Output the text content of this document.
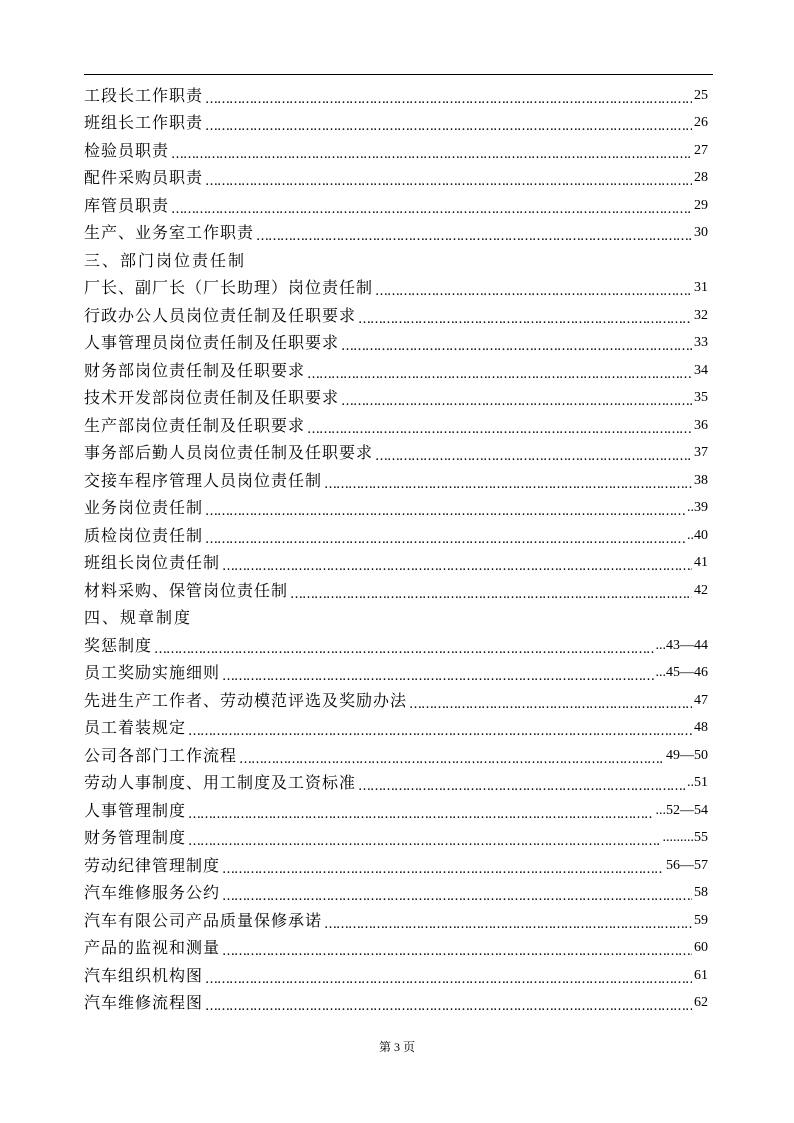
工段长工作职责 …………………………………………………………………………………………………………………………………………………………………………	25
班组长工作职责 …………………………………………………………………………………………………………………………………………………………………………	26
检验员职责 …………………………………………………………………………………………………………………………………………………………………………	27
配件采购员职责 …………………………………………………………………………………………………………………………………………………………………………	28
库管员职责 …………………………………………………………………………………………………………………………………………………………………………	29
生产、业务室工作职责 …………………………………………………………………………………………………………………………………………………………………………	30
三、部门岗位责任制
厂长、副厂长（厂长助理）岗位责任制 …………………………………………………………………………………………………………………………………………………………………………	31
行政办公人员岗位责任制及任职要求 …………………………………………………………………………………………………………………………………………………………………………	32
人事管理员岗位责任制及任职要求 …………………………………………………………………………………………………………………………………………………………………………	33
财务部岗位责任制及任职要求 …………………………………………………………………………………………………………………………………………………………………………	34
技术开发部岗位责任制及任职要求 …………………………………………………………………………………………………………………………………………………………………………	35
生产部岗位责任制及任职要求 …………………………………………………………………………………………………………………………………………………………………………	36
事务部后勤人员岗位责任制及任职要求 …………………………………………………………………………………………………………………………………………………………………………	37
交接车程序管理人员岗位责任制 …………………………………………………………………………………………………………………………………………………………………………	38
业务岗位责任制 …………………………………………………………………………………………………………………………………………………………………………	..39
质检岗位责任制 …………………………………………………………………………………………………………………………………………………………………………	..40
班组长岗位责任制 …………………………………………………………………………………………………………………………………………………………………………	41
材料采购、保管岗位责任制 …………………………………………………………………………………………………………………………………………………………………………	42
四、规章制度
奖惩制度 …………………………………………………………………………………………………………………………………………………………………………	...43—44
员工奖励实施细则 …………………………………………………………………………………………………………………………………………………………………………	...45—46
先进生产工作者、劳动模范评选及奖励办法 …………………………………………………………………………………………………………………………………………………………………………	47
员工着装规定 …………………………………………………………………………………………………………………………………………………………………………	48
公司各部门工作流程 …………………………………………………………………………………………………………………………………………………………………………	49—50
劳动人事制度、用工制度及工资标准 …………………………………………………………………………………………………………………………………………………………………………	..51
人事管理制度 …………………………………………………………………………………………………………………………………………………………………………	...52—54
财务管理制度 …………………………………………………………………………………………………………………………………………………………………………	.........55
劳动纪律管理制度 …………………………………………………………………………………………………………………………………………………………………………	56—57
汽车维修服务公约 …………………………………………………………………………………………………………………………………………………………………………	58
汽车有限公司产品质量保修承诺 …………………………………………………………………………………………………………………………………………………………………………	59
产品的监视和测量 …………………………………………………………………………………………………………………………………………………………………………	60
汽车组织机构图 …………………………………………………………………………………………………………………………………………………………………………	61
汽车维修流程图 …………………………………………………………………………………………………………………………………………………………………………	62
第 3 页
